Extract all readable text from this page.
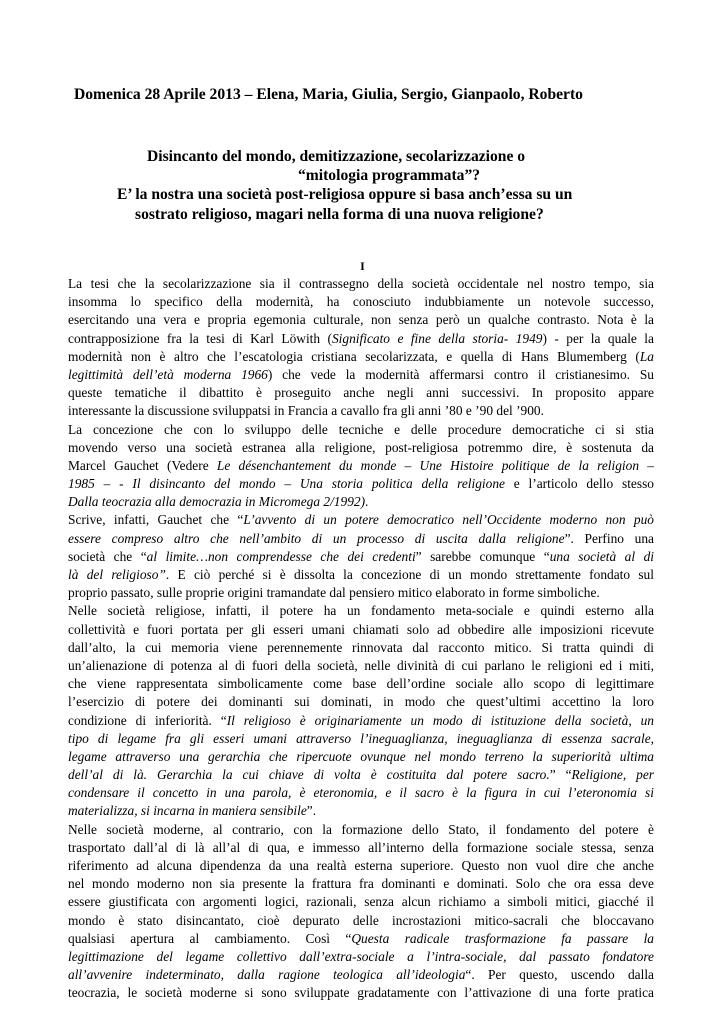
Domenica 28 Aprile 2013 – Elena, Maria, Giulia, Sergio, Gianpaolo, Roberto
Disincanto del mondo, demitizzazione, secolarizzazione o
“mitologia programmata”?
E’ la nostra una società post-religiosa oppure si basa anch’essa su un
sostrato religioso, magari nella forma di una nuova religione?
I
La tesi che la secolarizzazione sia il contrassegno della società occidentale nel nostro tempo, sia
insomma lo specifico della modernità, ha conosciuto indubbiamente un notevole successo,
esercitando una vera e propria egemonia culturale, non senza però un qualche contrasto. Nota è la
contrapposizione fra la tesi di Karl Löwith (Significato e fine della storia- 1949) - per la quale la
modernità non è altro che l’escatologia cristiana secolarizzata, e quella di Hans Blumemberg (La
legittimità dell’età moderna 1966) che vede la modernità affermarsi contro il cristianesimo. Su
queste tematiche il dibattito è proseguito anche negli anni successivi. In proposito appare
interessante la discussione sviluppatsi in Francia a cavallo fra gli anni ’80 e ’90 del ’900.
La concezione che con lo sviluppo delle tecniche e delle procedure democratiche ci si stia
movendo verso una società estranea alla religione, post-religiosa potremmo dire, è sostenuta da
Marcel Gauchet (Vedere Le désenchantement du monde – Une Histoire politique de la religion –
1985 – - Il disincanto del mondo – Una storia politica della religione e l’articolo dello stesso
Dalla teocrazia alla democrazia in Micromega 2/1992).
Scrive, infatti, Gauchet che “L’avvento di un potere democratico nell’Occidente moderno non può
essere compreso altro che nell’ambito di un processo di uscita dalla religione”. Perfino una
società che “al limite…non comprendesse che dei credenti” sarebbe comunque “una società al di
là del religioso”. E ciò perché si è dissolta la concezione di un mondo strettamente fondato sul
proprio passato, sulle proprie origini tramandate dal pensiero mitico elaborato in forme simboliche.
Nelle società religiose, infatti, il potere ha un fondamento meta-sociale e quindi esterno alla
collettività e fuori portata per gli esseri umani chiamati solo ad obbedire alle imposizioni ricevute
dall’alto, la cui memoria viene perennemente rinnovata dal racconto mitico. Si tratta quindi di
un’alienazione di potenza al di fuori della società, nelle divinità di cui parlano le religioni ed i miti,
che viene rappresentata simbolicamente come base dell’ordine sociale allo scopo di legittimare
l’esercizio di potere dei dominanti sui dominati, in modo che quest’ultimi accettino la loro
condizione di inferiorità. “Il religioso è originariamente un modo di istituzione della società, un
tipo di legame fra gli esseri umani attraverso l’ineguaglianza, ineguaglianza di essenza sacrale,
legame attraverso una gerarchia che ripercuote ovunque nel mondo terreno la superiorità ultima
dell’al di là. Gerarchia la cui chiave di volta è costituita dal potere sacro.” “Religione, per
condensare il concetto in una parola, è eteronomia, e il sacro è la figura in cui l’eteronomia si
materializza, si incarna in maniera sensibile”.
Nelle società moderne, al contrario, con la formazione dello Stato, il fondamento del potere è
trasportato dall’al di là all’al di qua, e immesso all’interno della formazione sociale stessa, senza
riferimento ad alcuna dipendenza da una realtà esterna superiore. Questo non vuol dire che anche
nel mondo moderno non sia presente la frattura fra dominanti e dominati. Solo che ora essa deve
essere giustificata con argomenti logici, razionali, senza alcun richiamo a simboli mitici, giacché il
mondo è stato disincantato, cioè depurato delle incrostazioni mitico-sacrali che bloccavano
qualsiasi apertura al cambiamento. Così “Questa radicale trasformazione fa passare la
legittimazione del legame collettivo dall’extra-sociale a l’intra-sociale, dal passato fondatore
all’avvenire indeterminato, dalla ragione teologica all’ideologia“. Per questo, uscendo dalla
teocrazia, le società moderne si sono sviluppate gradatamente con l’attivazione di una forte pratica
